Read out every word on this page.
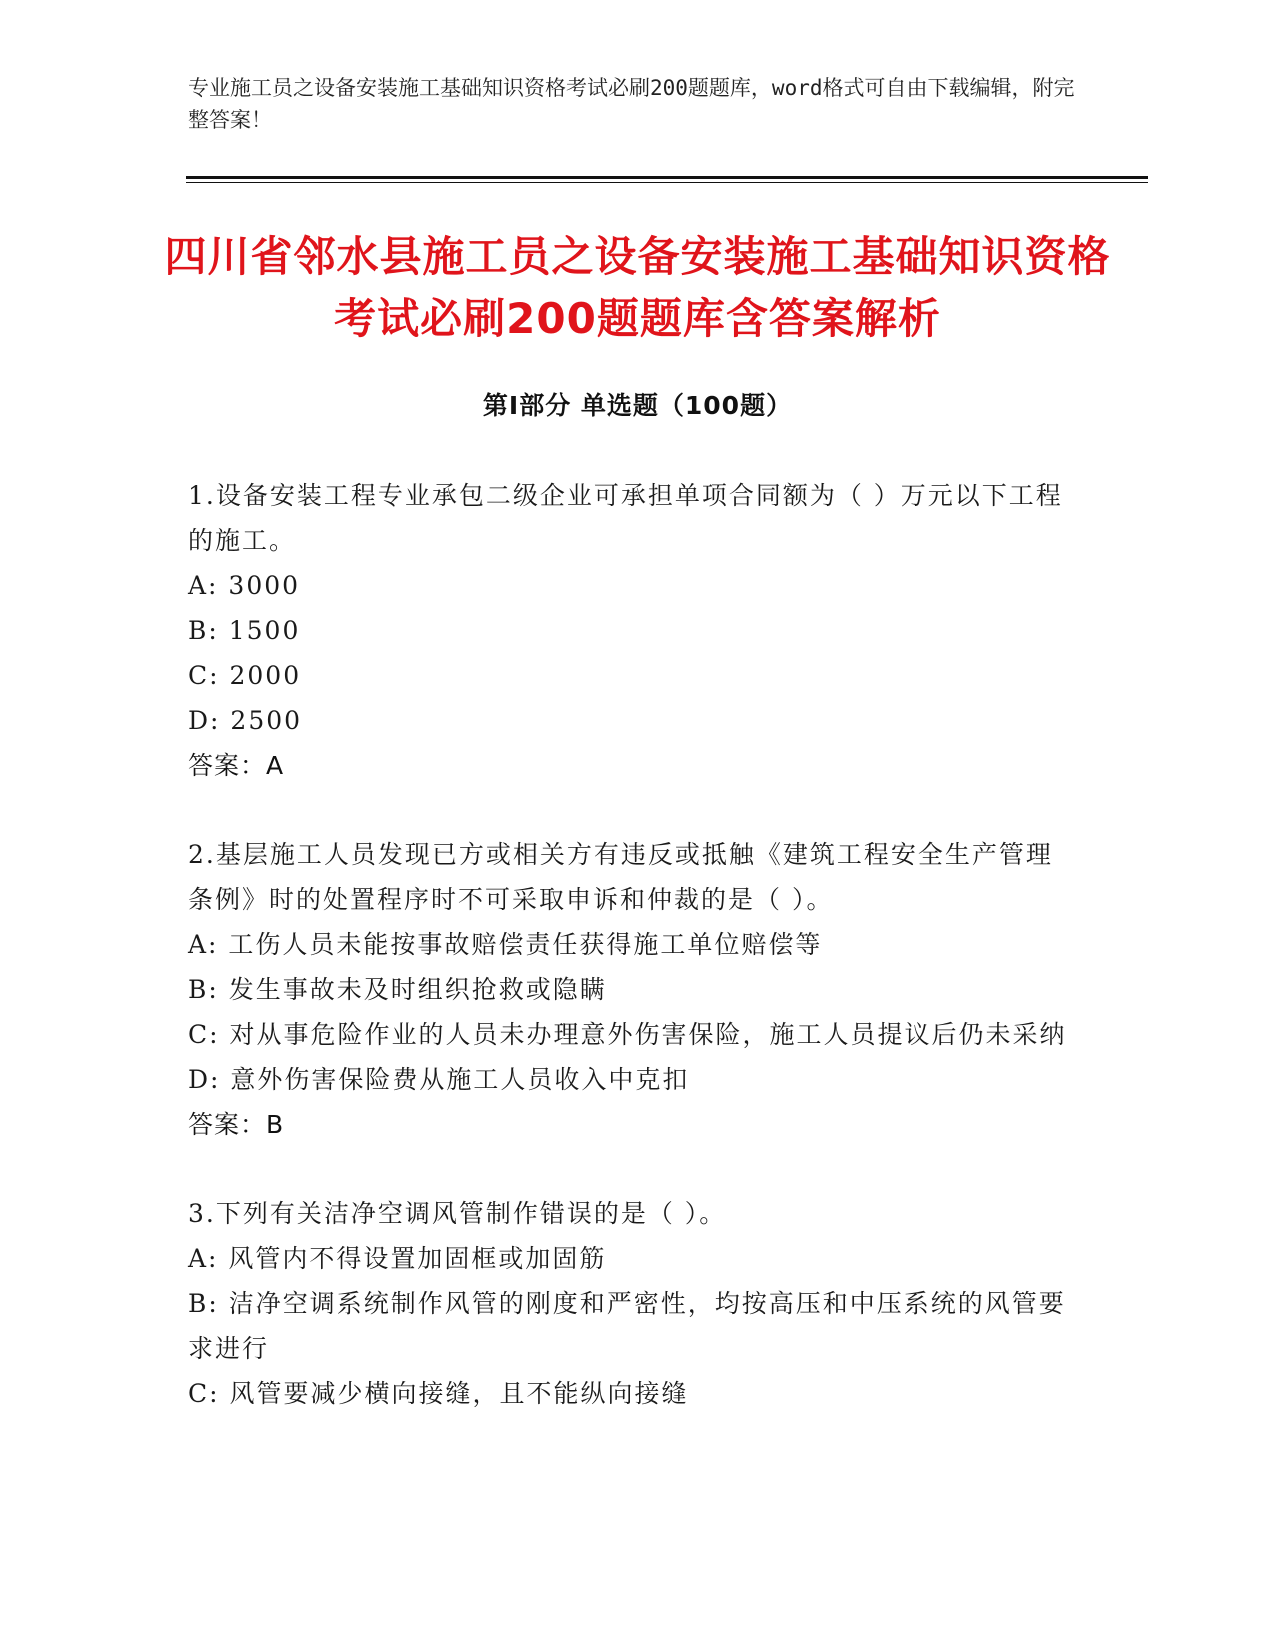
专业施工员之设备安装施工基础知识资格考试必刷200题题库，word格式可自由下载编辑，附完整答案！
四川省邻水县施工员之设备安装施工基础知识资格考试必刷200题题库含答案解析
第Ⅰ部分 单选题（100题）
1.设备安装工程专业承包二级企业可承担单项合同额为（ ）万元以下工程的施工。
A: 3000
B: 1500
C: 2000
D: 2500
答案：A
2.基层施工人员发现已方或相关方有违反或抵触《建筑工程安全生产管理条例》时的处置程序时不可采取申诉和仲裁的是（ ）。
A: 工伤人员未能按事故赔偿责任获得施工单位赔偿等
B: 发生事故未及时组织抢救或隐瞒
C: 对从事危险作业的人员未办理意外伤害保险，施工人员提议后仍未采纳
D: 意外伤害保险费从施工人员收入中克扣
答案：B
3.下列有关洁净空调风管制作错误的是（ ）。
A: 风管内不得设置加固框或加固筋
B: 洁净空调系统制作风管的刚度和严密性，均按高压和中压系统的风管要求进行
C: 风管要减少横向接缝，且不能纵向接缝
